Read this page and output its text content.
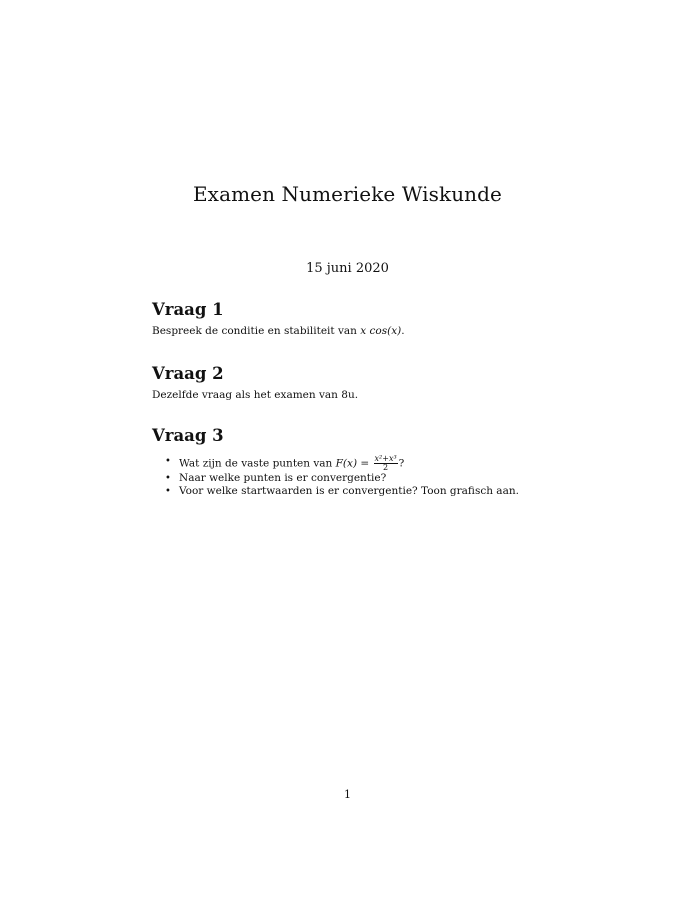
Examen Numerieke Wiskunde
15 juni 2020
Vraag 1

Bespreek de conditie en stabiliteit van x cos(x).

Vraag 2

Dezelfde vraag als het examen van 8u.

Vraag 3
• Wat zijn de vaste punten van $F(x) = \frac{\text{x²+x³}}{2}$ ?
• Naar welke punten is er convergentie?
• Voor welke startwaarden is er convergentie? Toon grafisch aan.
1
